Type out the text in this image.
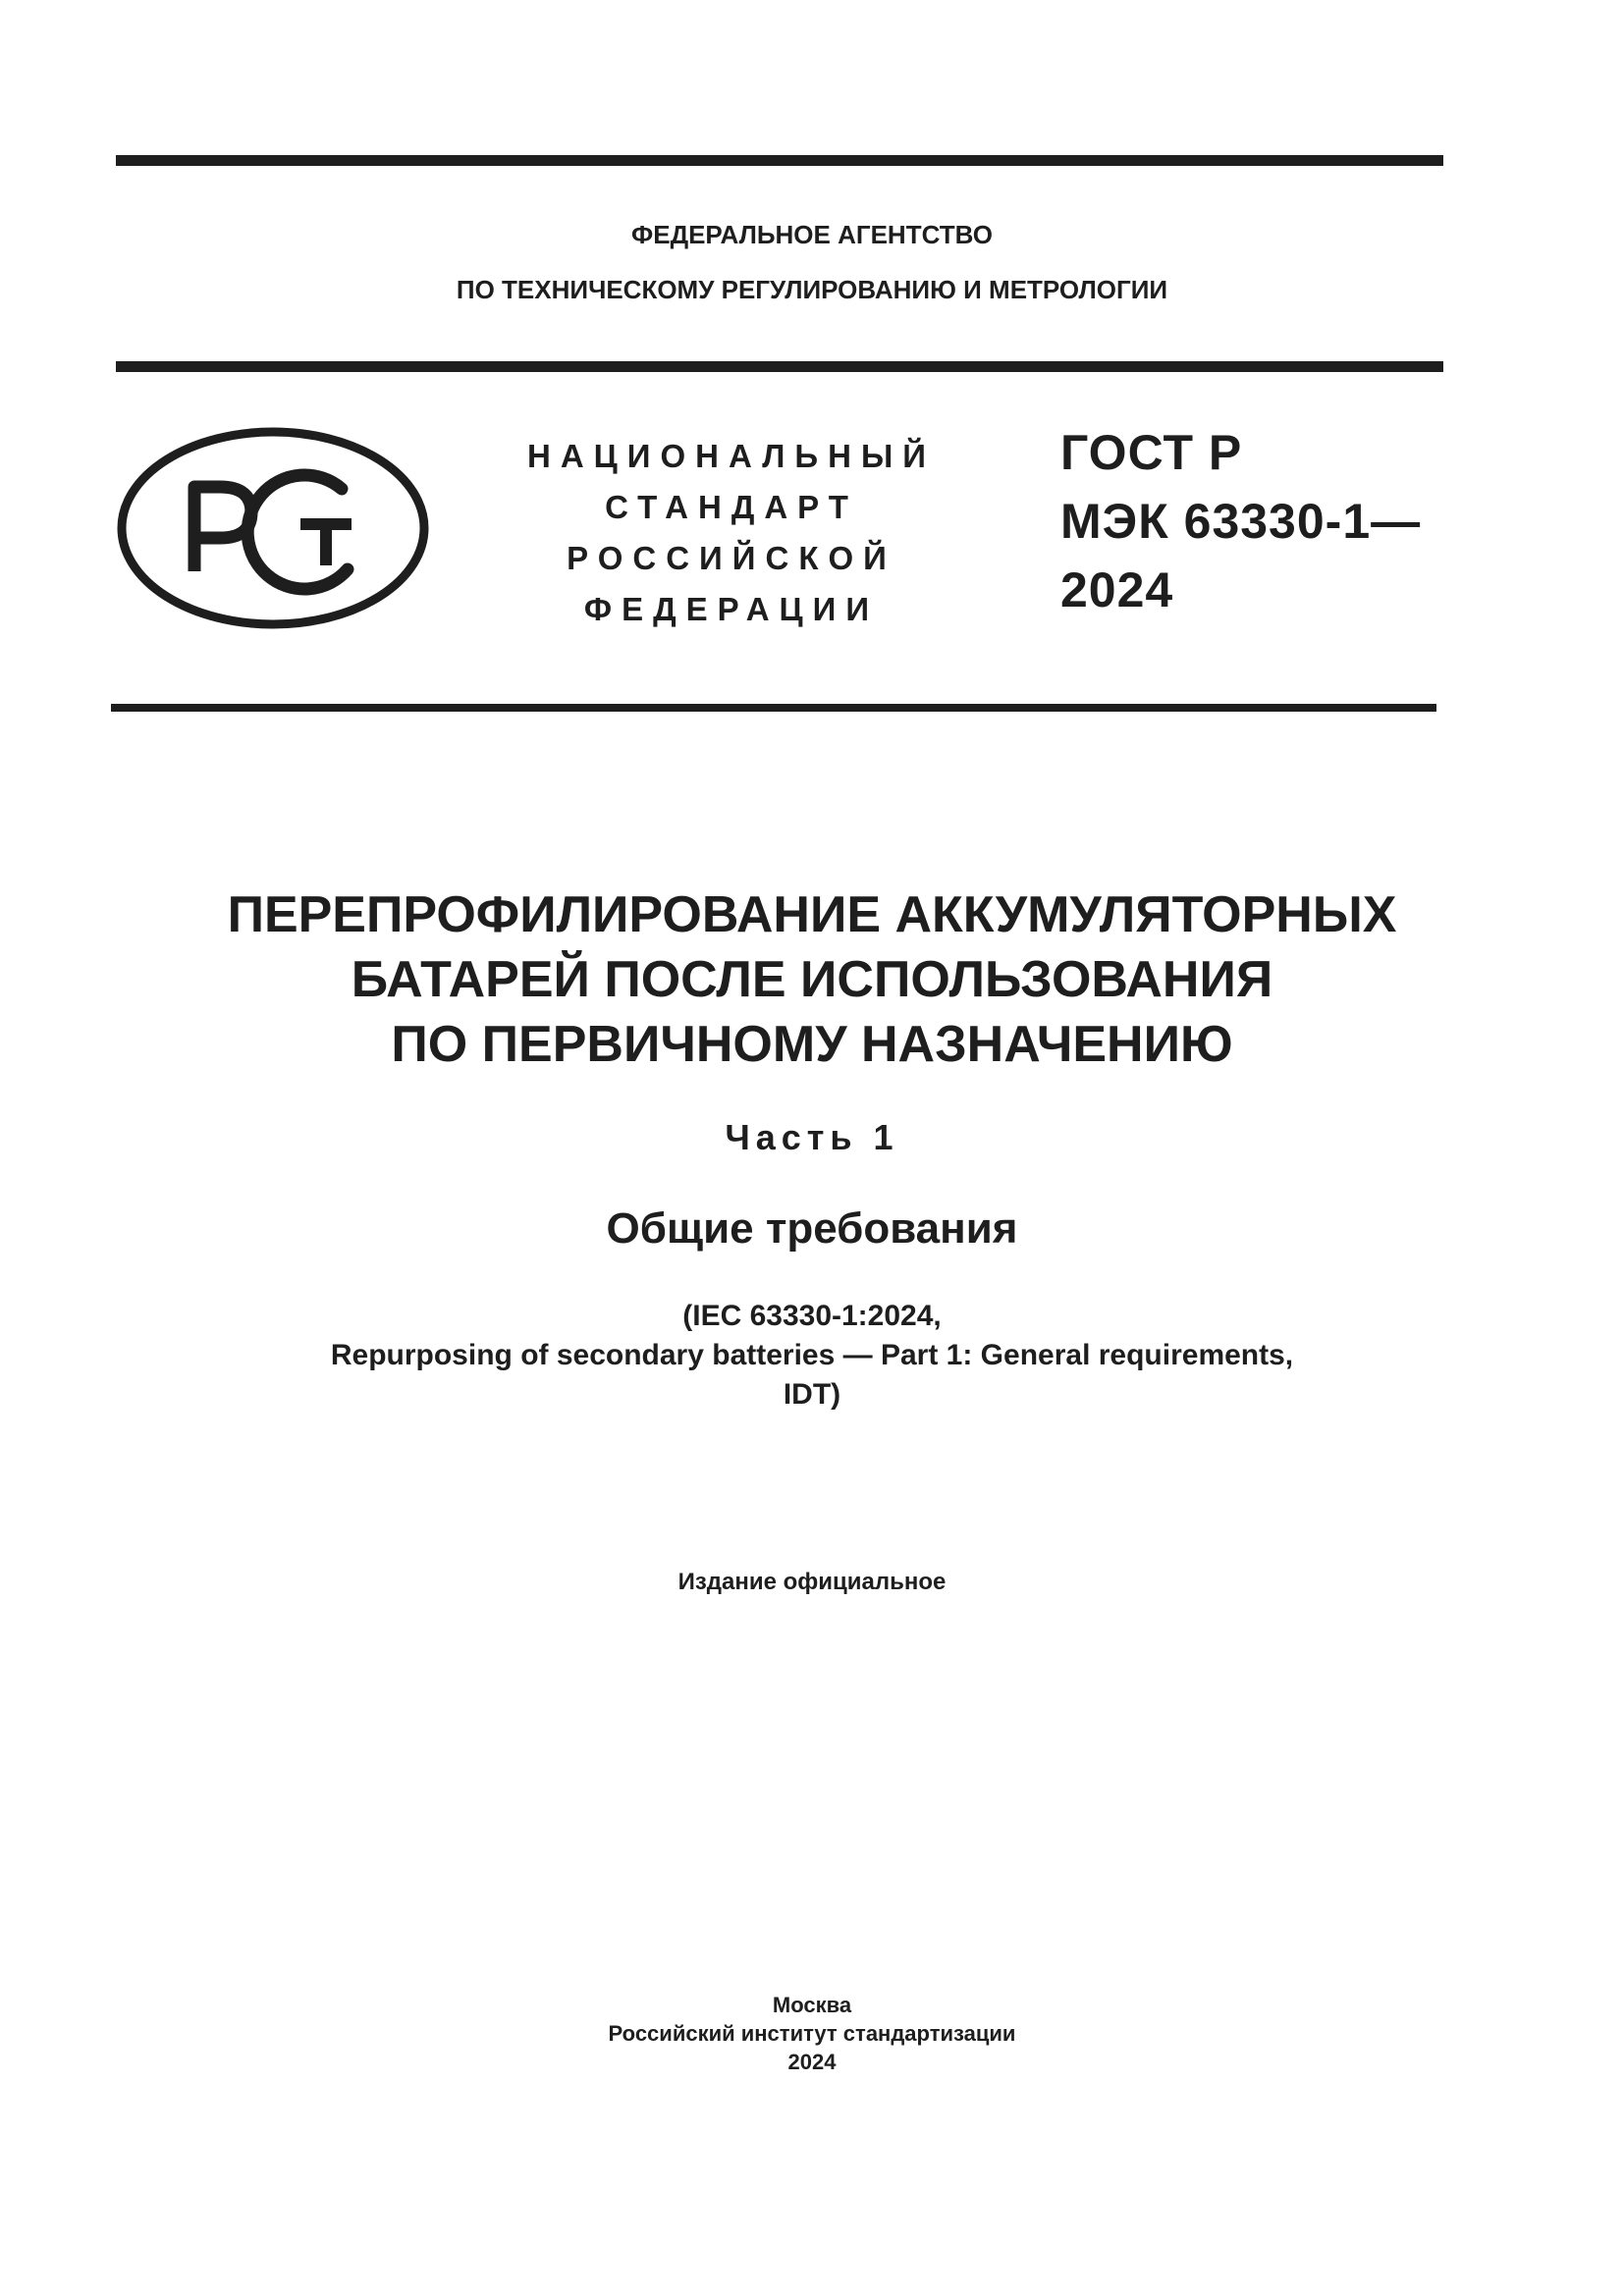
ФЕДЕРАЛЬНОЕ АГЕНТСТВО
ПО ТЕХНИЧЕСКОМУ РЕГУЛИРОВАНИЮ И МЕТРОЛОГИИ
НАЦИОНАЛЬНЫЙ
СТАНДАРТ
РОССИЙСКОЙ
ФЕДЕРАЦИИ
ГОСТ Р
МЭК 63330-1—
2024
ПЕРЕПРОФИЛИРОВАНИЕ АККУМУЛЯТОРНЫХ
БАТАРЕЙ ПОСЛЕ ИСПОЛЬЗОВАНИЯ
ПО ПЕРВИЧНОМУ НАЗНАЧЕНИЮ
Часть 1
Общие требования
(IEC 63330-1:2024,
Repurposing of secondary batteries — Part 1: General requirements,
IDT)
Издание официальное
Москва
Российский институт стандартизации
2024
